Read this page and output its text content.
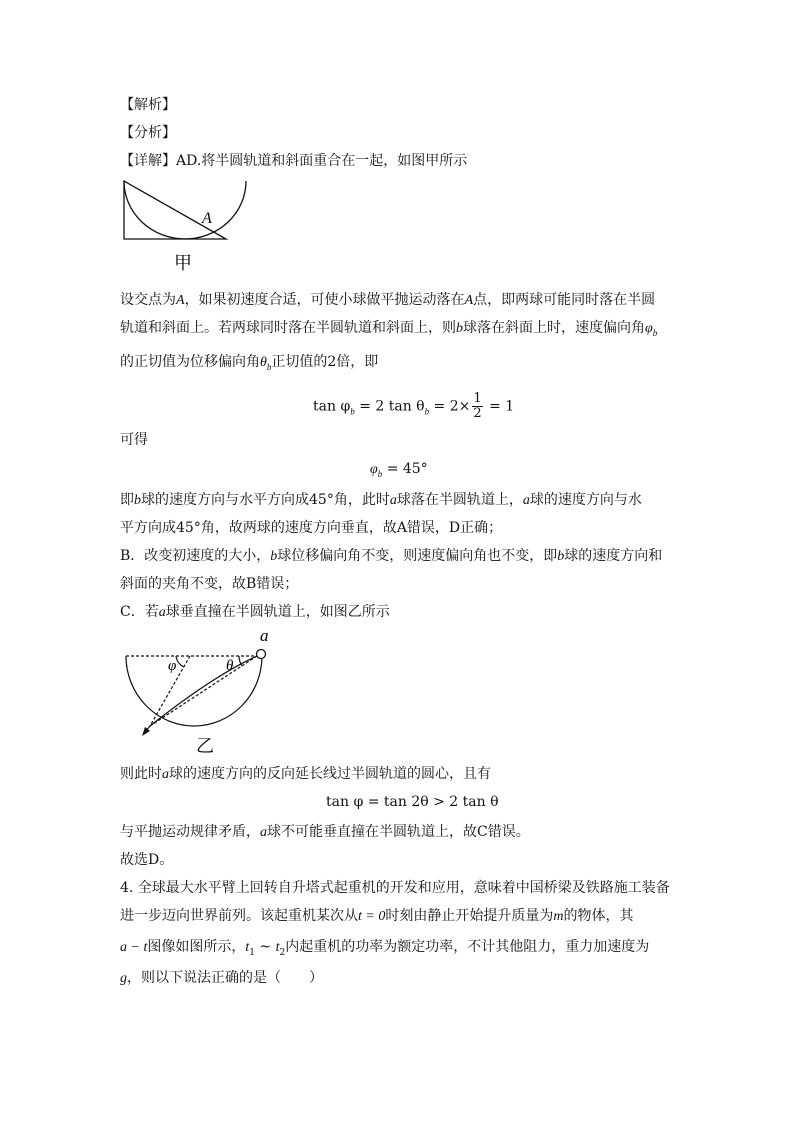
【解析】
【分析】
【详解】AD.将半圆轨道和斜面重合在一起，如图甲所示
A
甲
设交点为A，如果初速度合适，可使小球做平抛运动落在A点，即两球可能同时落在半圆
轨道和斜面上。若两球同时落在半圆轨道和斜面上，则b球落在斜面上时，速度偏向角$\varphi_b$
的正切值为位移偏向角$\theta_b$正切值的2倍，即
$\tan \varphi_b = 2$ $\tan \theta_b = 2\times \frac{1}{2} = 1$
可得
$\varphi_b = 45^\circ$
即b球的速度方向与水平方向成45°角，此时a球落在半圆轨道上，a球的速度方向与水
平方向成45°角，故两球的速度方向垂直，故A错误，D正确；
B．改变初速度的大小，b球位移偏向角不变，则速度偏向角也不变，即b球的速度方向和
斜面的夹角不变，故B错误；
C．若a球垂直撞在半圆轨道上，如图乙所示
a
φ	θ
乙
则此时a球的速度方向的反向延长线过半圆轨道的圆心，且有
tan φ = tan 2θ > 2 tan θ
与平抛运动规律矛盾，a球不可能垂直撞在半圆轨道上，故C错误。
故选D。
4. 全球最大水平臂上回转自升塔式起重机的开发和应用，意味着中国桥梁及铁路施工装备
进一步迈向世界前列。该起重机某次从t = 0时刻由静止开始提升质量为m的物体，其
a − t图像如图所示，$t_1$ ~ $t_2$内起重机的功率为额定功率，不计其他阻力，重力加速度为
g，则以下说法正确的是（　　）
